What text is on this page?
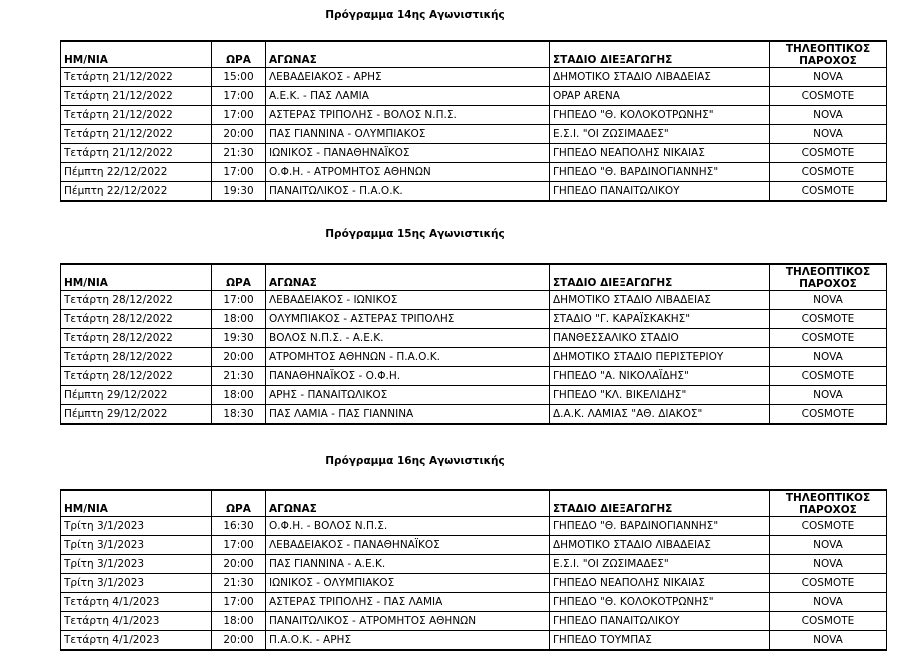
Πρόγραμμα 14ης Αγωνιστικής
ΗΜ/ΝΙΑ	ΩΡΑ	ΑΓΩΝΑΣ	ΣΤΑΔΙΟ ΔΙΕΞΑΓΩΓΗΣ	ΤΗΛΕΟΠΤΙΚΟΣ
ΠΑΡΟΧΟΣ
Τετάρτη 21/12/2022	15:00	ΛΕΒΑΔΕΙΑΚΟΣ - ΑΡΗΣ	ΔΗΜΟΤΙΚΟ ΣΤΑΔΙΟ ΛΙΒΑΔΕΙΑΣ	NOVA
Τετάρτη 21/12/2022	17:00	Α.Ε.Κ. - ΠΑΣ ΛΑΜΙΑ	ΟPAP ARENA	COSMOTE
Τετάρτη 21/12/2022	17:00	ΑΣΤΕΡΑΣ ΤΡΙΠΟΛΗΣ - ΒΟΛΟΣ Ν.Π.Σ.	ΓΗΠΕΔΟ "Θ. ΚΟΛΟΚΟΤΡΩΝΗΣ"	NOVA
Τετάρτη 21/12/2022	20:00	ΠΑΣ ΓΙΑΝΝΙΝΑ - ΟΛΥΜΠΙΑΚΟΣ	Ε.Σ.Ι. "ΟΙ ΖΩΣΙΜΑΔΕΣ"	NOVA
Τετάρτη 21/12/2022	21:30	ΙΩΝΙΚΟΣ - ΠΑΝΑΘΗΝΑΪΚΟΣ	ΓΗΠΕΔΟ ΝΕΑΠΟΛΗΣ ΝΙΚΑΙΑΣ	COSMOTE
Πέμπτη 22/12/2022	17:00	Ο.Φ.Η. - ΑΤΡΟΜΗΤΟΣ ΑΘΗΝΩΝ	ΓΗΠΕΔΟ "Θ. ΒΑΡΔΙΝΟΓΙΑΝΝΗΣ"	COSMOTE
Πέμπτη 22/12/2022	19:30	ΠΑΝΑΙΤΩΛΙΚΟΣ - Π.Α.Ο.Κ.	ΓΗΠΕΔΟ ΠΑΝΑΙΤΩΛΙΚΟΥ	COSMOTE
Πρόγραμμα 15ης Αγωνιστικής
ΗΜ/ΝΙΑ	ΩΡΑ	ΑΓΩΝΑΣ	ΣΤΑΔΙΟ ΔΙΕΞΑΓΩΓΗΣ	ΤΗΛΕΟΠΤΙΚΟΣ
ΠΑΡΟΧΟΣ
Τετάρτη 28/12/2022	17:00	ΛΕΒΑΔΕΙΑΚΟΣ - ΙΩΝΙΚΟΣ	ΔΗΜΟΤΙΚΟ ΣΤΑΔΙΟ ΛΙΒΑΔΕΙΑΣ	NOVA
Τετάρτη 28/12/2022	18:00	ΟΛΥΜΠΙΑΚΟΣ - ΑΣΤΕΡΑΣ ΤΡΙΠΟΛΗΣ	ΣΤΑΔΙΟ "Γ. ΚΑΡΑΪΣΚΑΚΗΣ"	COSMOTE
Τετάρτη 28/12/2022	19:30	ΒΟΛΟΣ Ν.Π.Σ. - Α.Ε.Κ.	ΠΑΝΘΕΣΣΑΛΙΚΟ ΣΤΑΔΙΟ	COSMOTE
Τετάρτη 28/12/2022	20:00	ΑΤΡΟΜΗΤΟΣ ΑΘΗΝΩΝ - Π.Α.Ο.Κ.	ΔΗΜΟΤΙΚΟ ΣΤΑΔΙΟ ΠΕΡΙΣΤΕΡΙΟΥ	NOVA
Τετάρτη 28/12/2022	21:30	ΠΑΝΑΘΗΝΑΪΚΟΣ - Ο.Φ.Η.	ΓΗΠΕΔΟ "Α. ΝΙΚΟΛΑΪΔΗΣ"	COSMOTE
Πέμπτη 29/12/2022	18:00	ΑΡΗΣ - ΠΑΝΑΙΤΩΛΙΚΟΣ	ΓΗΠΕΔΟ "ΚΛ. ΒΙΚΕΛΙΔΗΣ"	NOVA
Πέμπτη 29/12/2022	18:30	ΠΑΣ ΛΑΜΙΑ - ΠΑΣ ΓΙΑΝΝΙΝΑ	Δ.Α.Κ. ΛΑΜΙΑΣ "ΑΘ. ΔΙΑΚΟΣ"	COSMOTE
Πρόγραμμα 16ης Αγωνιστικής
ΗΜ/ΝΙΑ	ΩΡΑ	ΑΓΩΝΑΣ	ΣΤΑΔΙΟ ΔΙΕΞΑΓΩΓΗΣ	ΤΗΛΕΟΠΤΙΚΟΣ
ΠΑΡΟΧΟΣ
Τρίτη 3/1/2023	16:30	Ο.Φ.Η. - ΒΟΛΟΣ Ν.Π.Σ.	ΓΗΠΕΔΟ "Θ. ΒΑΡΔΙΝΟΓΙΑΝΝΗΣ"	COSMOTE
Τρίτη 3/1/2023	17:00	ΛΕΒΑΔΕΙΑΚΟΣ - ΠΑΝΑΘΗΝΑΪΚΟΣ	ΔΗΜΟΤΙΚΟ ΣΤΑΔΙΟ ΛΙΒΑΔΕΙΑΣ	NOVA
Τρίτη 3/1/2023	20:00	ΠΑΣ ΓΙΑΝΝΙΝΑ - Α.Ε.Κ.	Ε.Σ.Ι. "ΟΙ ΖΩΣΙΜΑΔΕΣ"	NOVA
Τρίτη 3/1/2023	21:30	ΙΩΝΙΚΟΣ - ΟΛΥΜΠΙΑΚΟΣ	ΓΗΠΕΔΟ ΝΕΑΠΟΛΗΣ ΝΙΚΑΙΑΣ	COSMOTE
Τετάρτη 4/1/2023	17:00	ΑΣΤΕΡΑΣ ΤΡΙΠΟΛΗΣ - ΠΑΣ ΛΑΜΙΑ	ΓΗΠΕΔΟ "Θ. ΚΟΛΟΚΟΤΡΩΝΗΣ"	NOVA
Τετάρτη 4/1/2023	18:00	ΠΑΝΑΙΤΩΛΙΚΟΣ - ΑΤΡΟΜΗΤΟΣ ΑΘΗΝΩΝ	ΓΗΠΕΔΟ ΠΑΝΑΙΤΩΛΙΚΟΥ	COSMOTE
Τετάρτη 4/1/2023	20:00	Π.Α.Ο.Κ. - ΑΡΗΣ	ΓΗΠΕΔΟ ΤΟΥΜΠΑΣ	NOVA
